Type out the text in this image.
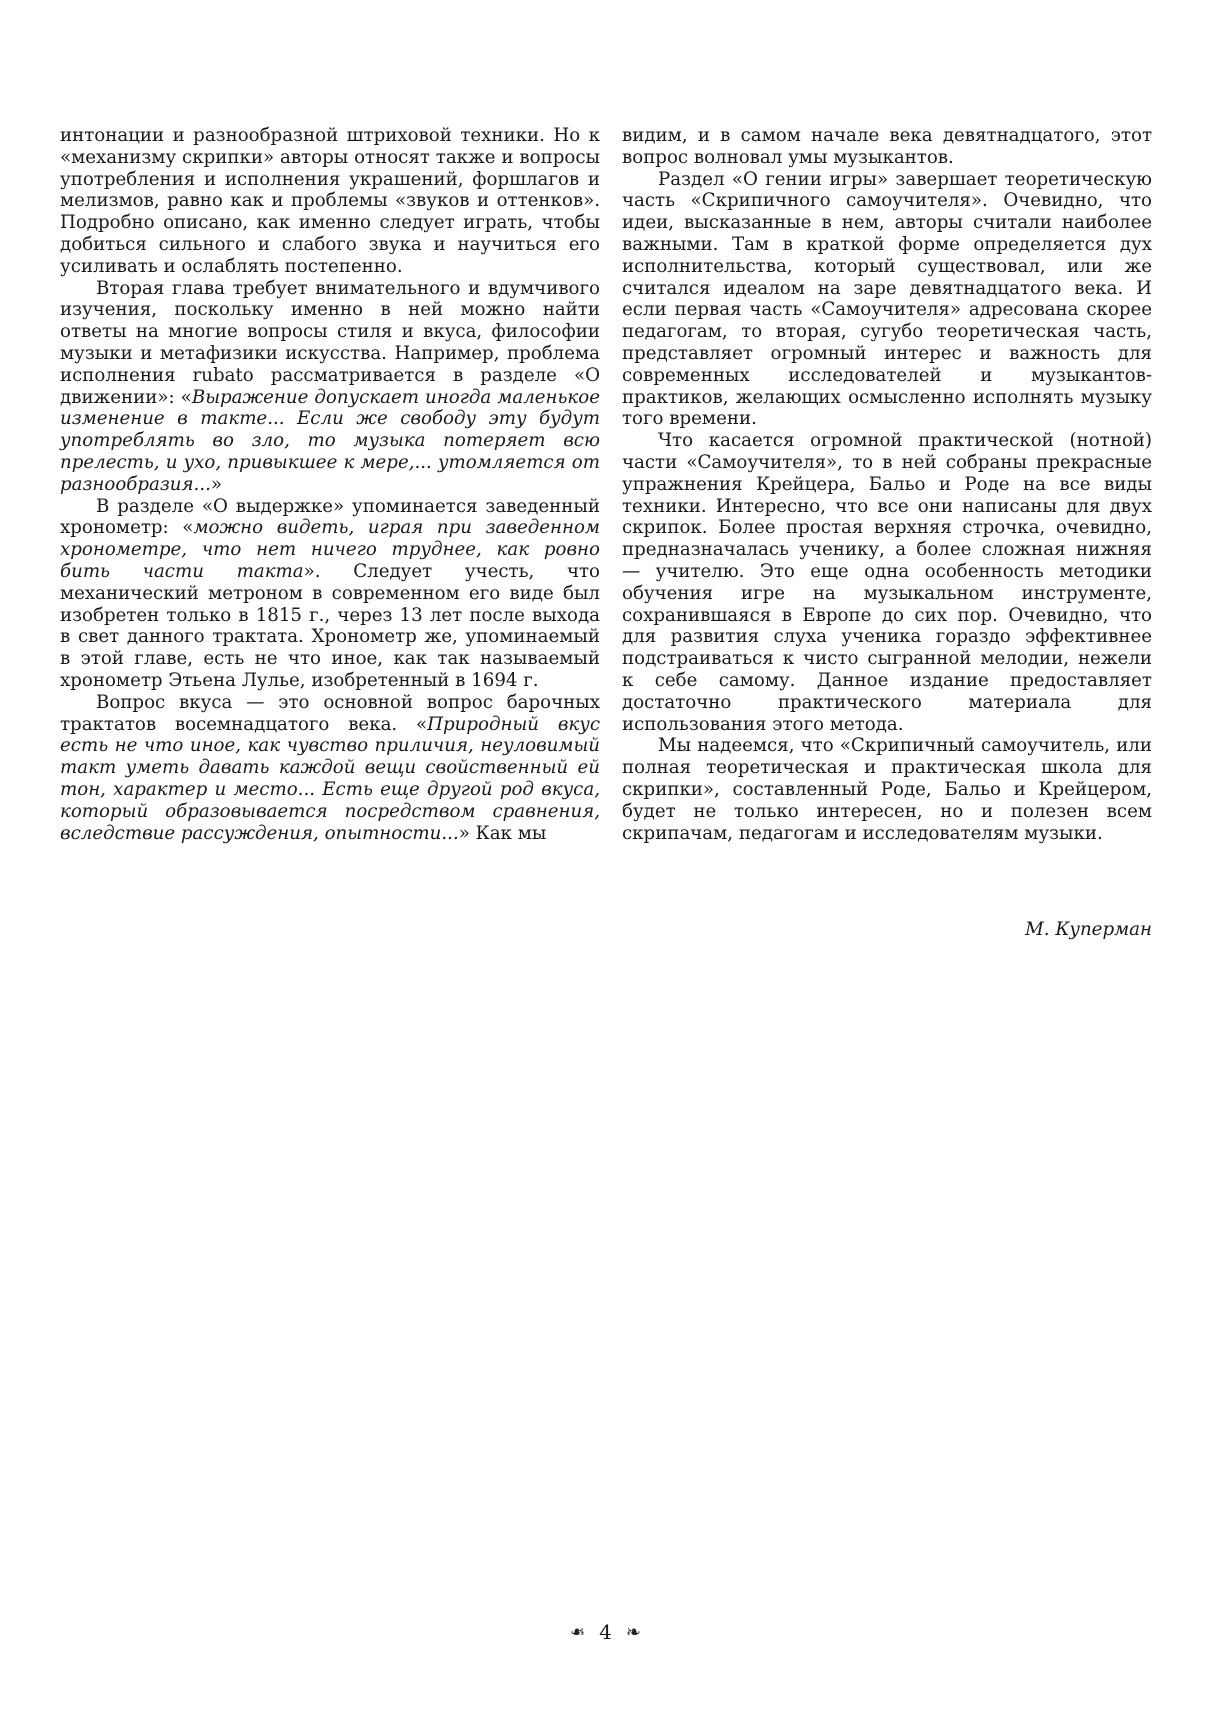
интонации и разнообразной штриховой техники. Но к «механизму скрипки» авторы относят также и вопросы употребления и исполнения украшений, форшлагов и мелизмов, равно как и проблемы «звуков и оттенков». Подробно описано, как именно следует играть, чтобы добиться сильного и слабого звука и научиться его усиливать и ослаблять постепенно.

Вторая глава требует внимательного и вдумчивого изучения, поскольку именно в ней можно найти ответы на многие вопросы стиля и вкуса, философии музыки и метафизики искусства. Например, проблема исполнения rubato рассматривается в разделе «О движении»: «Выражение допускает иногда маленькое изменение в такте... Если же свободу эту будут употреблять во зло, то музыка потеряет всю прелесть, и ухо, привыкшее к мере,... утомляется от разнообразия...»

В разделе «О выдержке» упоминается заведенный хронометр: «можно видеть, играя при заведенном хронометре, что нет ничего труднее, как ровно бить части такта». Следует учесть, что механический метроном в современном его виде был изобретен только в 1815 г., через 13 лет после выхода в свет данного трактата. Хронометр же, упоминаемый в этой главе, есть не что иное, как так называемый хронометр Этьена Лулье, изобретенный в 1694 г.

Вопрос вкуса — это основной вопрос барочных трактатов восемнадцатого века. «Природный вкус есть не что иное, как чувство приличия, неуловимый такт уметь давать каждой вещи свойственный ей тон, характер и место... Есть еще другой род вкуса, который образовывается посредством сравнения, вследствие рассуждения, опытности...» Как мы

видим, и в самом начале века девятнадцатого, этот вопрос волновал умы музыкантов.

Раздел «О гении игры» завершает теоретическую часть «Скрипичного самоучителя». Очевидно, что идеи, высказанные в нем, авторы считали наиболее важными. Там в краткой форме определяется дух исполнительства, который существовал, или же считался идеалом на заре девятнадцатого века. И если первая часть «Самоучителя» адресована скорее педагогам, то вторая, сугубо теоретическая часть, представляет огромный интерес и важность для современных исследователей и музыкантов-практиков, желающих осмысленно исполнять музыку того времени.

Что касается огромной практической (нотной) части «Самоучителя», то в ней собраны прекрасные упражнения Крейцера, Бальо и Роде на все виды техники. Интересно, что все они написаны для двух скрипок. Более простая верхняя строчка, очевидно, предназначалась ученику, а более сложная нижняя — учителю. Это еще одна особенность методики обучения игре на музыкальном инструменте, сохранившаяся в Европе до сих пор. Очевидно, что для развития слуха ученика гораздо эффективнее подстраиваться к чисто сыгранной мелодии, нежели к себе самому. Данное издание предоставляет достаточно практического материала для использования этого метода.

Мы надеемся, что «Скрипичный самоучитель, или полная теоретическая и практическая школа для скрипки», составленный Роде, Бальо и Крейцером, будет не только интересен, но и полезен всем скрипачам, педагогам и исследователям музыки.

М. Куперман
❧ 4 ❧
